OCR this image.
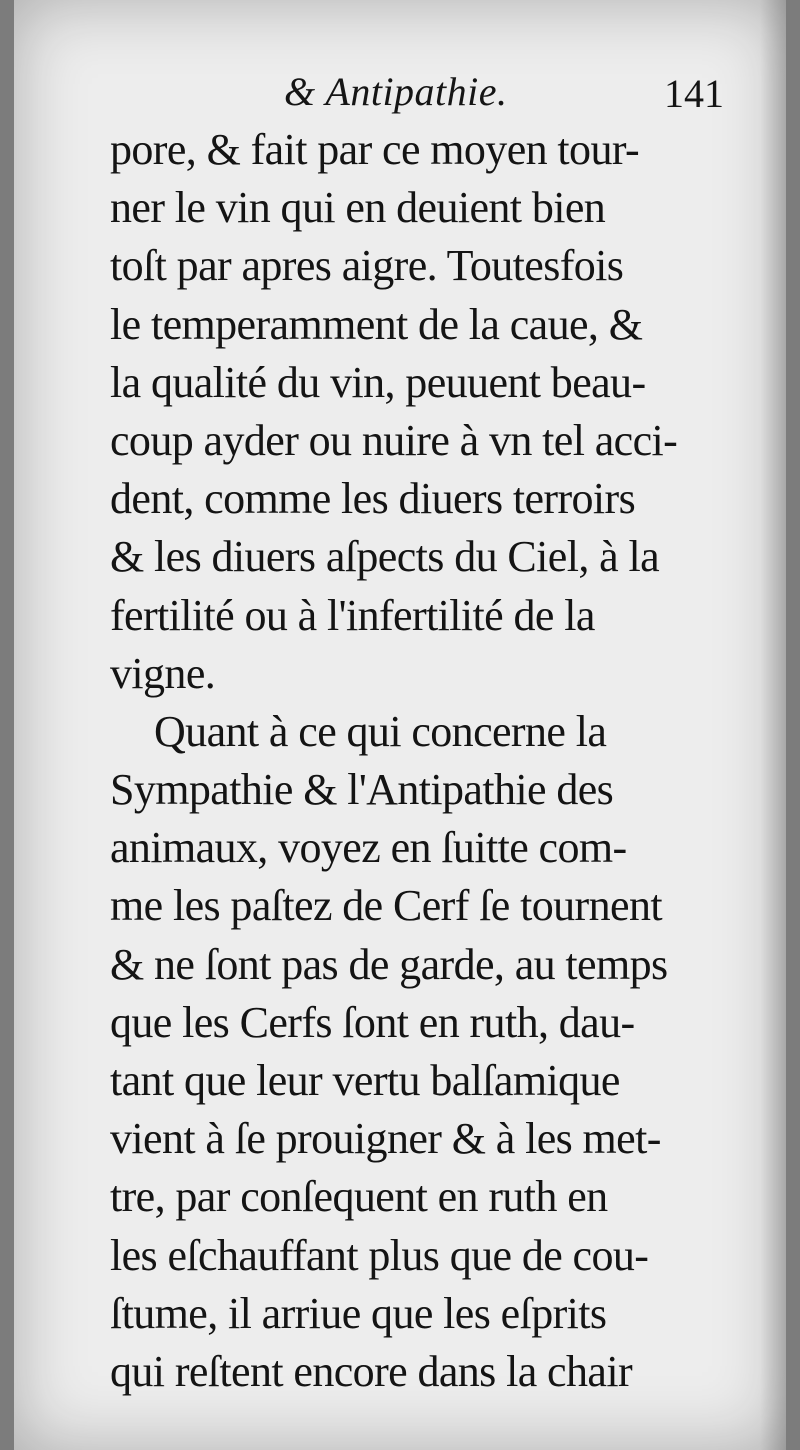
& Antipathie.	141
pore, & fait par ce moyen tour-
ner le vin qui en deuient bien
toſt par apres aigre. Toutesfois
le temperamment de la caue, &
la qualité du vin, peuuent beau-
coup ayder ou nuire à vn tel acci-
dent, comme les diuers terroirs
& les diuers aſpects du Ciel, à la
fertilité ou à l'infertilité de la
vigne.
Quant à ce qui concerne la
Sympathie & l'Antipathie des
animaux, voyez en ſuitte com-
me les paſtez de Cerf ſe tournent
& ne ſont pas de garde, au temps
que les Cerfs ſont en ruth, dau-
tant que leur vertu balſamique
vient à ſe prouigner & à les met-
tre, par conſequent en ruth en
les eſchauffant plus que de cou-
ſtume, il arriue que les eſprits
qui reſtent encore dans la chair
